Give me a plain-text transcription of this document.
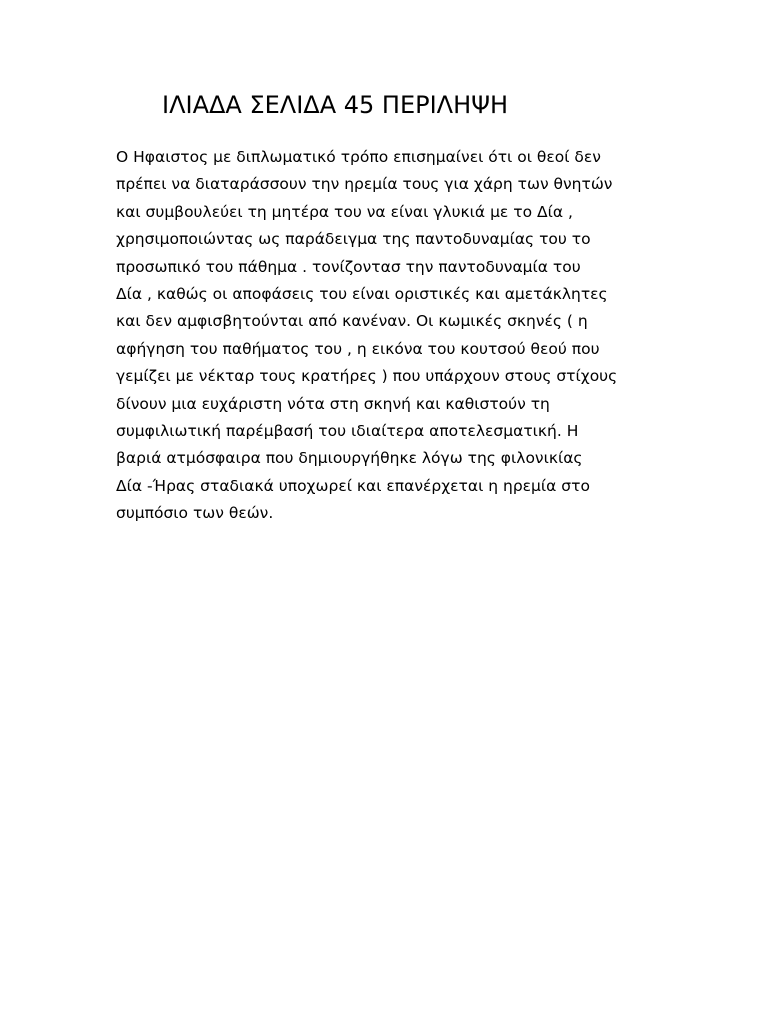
ΙΛΙΑΔΑ ΣΕΛΙΔΑ 45 ΠΕΡΙΛΗΨΗ
Ο Ηφαιστος με διπλωματικό τρόπο επισημαίνει ότι οι θεοί δεν
πρέπει να διαταράσσουν την ηρεμία τους για χάρη των θνητών
και συμβουλεύει τη μητέρα του να είναι γλυκιά με το Δία ,
χρησιμοποιώντας ως παράδειγμα της παντοδυναμίας του το
προσωπικό του πάθημα . τονίζοντασ την παντοδυναμία του
Δία , καθώς οι αποφάσεις του είναι οριστικές και αμετάκλητες
και δεν αμφισβητούνται από κανέναν. Οι κωμικές σκηνές ( η
αφήγηση του παθήματος του , η εικόνα του κουτσού θεού που
γεμίζει με νέκταρ τους κρατήρες ) που υπάρχουν στους στίχους
δίνουν μια ευχάριστη νότα στη σκηνή και καθιστούν τη
συμφιλιωτική παρέμβασή του ιδιαίτερα αποτελεσματική. Η
βαριά ατμόσφαιρα που δημιουργήθηκε λόγω της φιλονικίας
Δία -Ήρας σταδιακά υποχωρεί και επανέρχεται η ηρεμία στο
συμπόσιο των θεών.
